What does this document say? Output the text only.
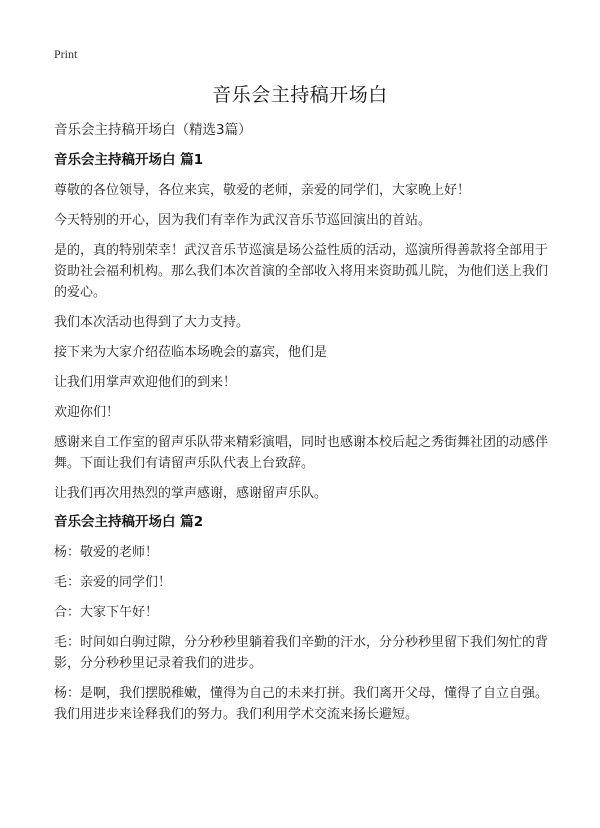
Print
音乐会主持稿开场白

音乐会主持稿开场白（精选3篇）

音乐会主持稿开场白 篇1

尊敬的各位领导，各位来宾，敬爱的老师，亲爱的同学们，大家晚上好！

今天特别的开心，因为我们有幸作为武汉音乐节巡回演出的首站。

是的，真的特别荣幸！武汉音乐节巡演是场公益性质的活动，巡演所得善款将全部用于资助社会福利机构。那么我们本次首演的全部收入将用来资助孤儿院，为他们送上我们的爱心。

我们本次活动也得到了大力支持。

接下来为大家介绍莅临本场晚会的嘉宾，他们是

让我们用掌声欢迎他们的到来！

欢迎你们！

感谢来自工作室的留声乐队带来精彩演唱，同时也感谢本校后起之秀街舞社团的动感伴舞。下面让我们有请留声乐队代表上台致辞。

让我们再次用热烈的掌声感谢，感谢留声乐队。

音乐会主持稿开场白 篇2

杨：敬爱的老师！

毛：亲爱的同学们！

合：大家下午好！

毛：时间如白驹过隙，分分秒秒里躺着我们辛勤的汗水，分分秒秒里留下我们匆忙的背影，分分秒秒里记录着我们的进步。

杨：是啊，我们摆脱稚嫩，懂得为自己的未来打拼。我们离开父母，懂得了自立自强。我们用进步来诠释我们的努力。我们利用学术交流来扬长避短。
